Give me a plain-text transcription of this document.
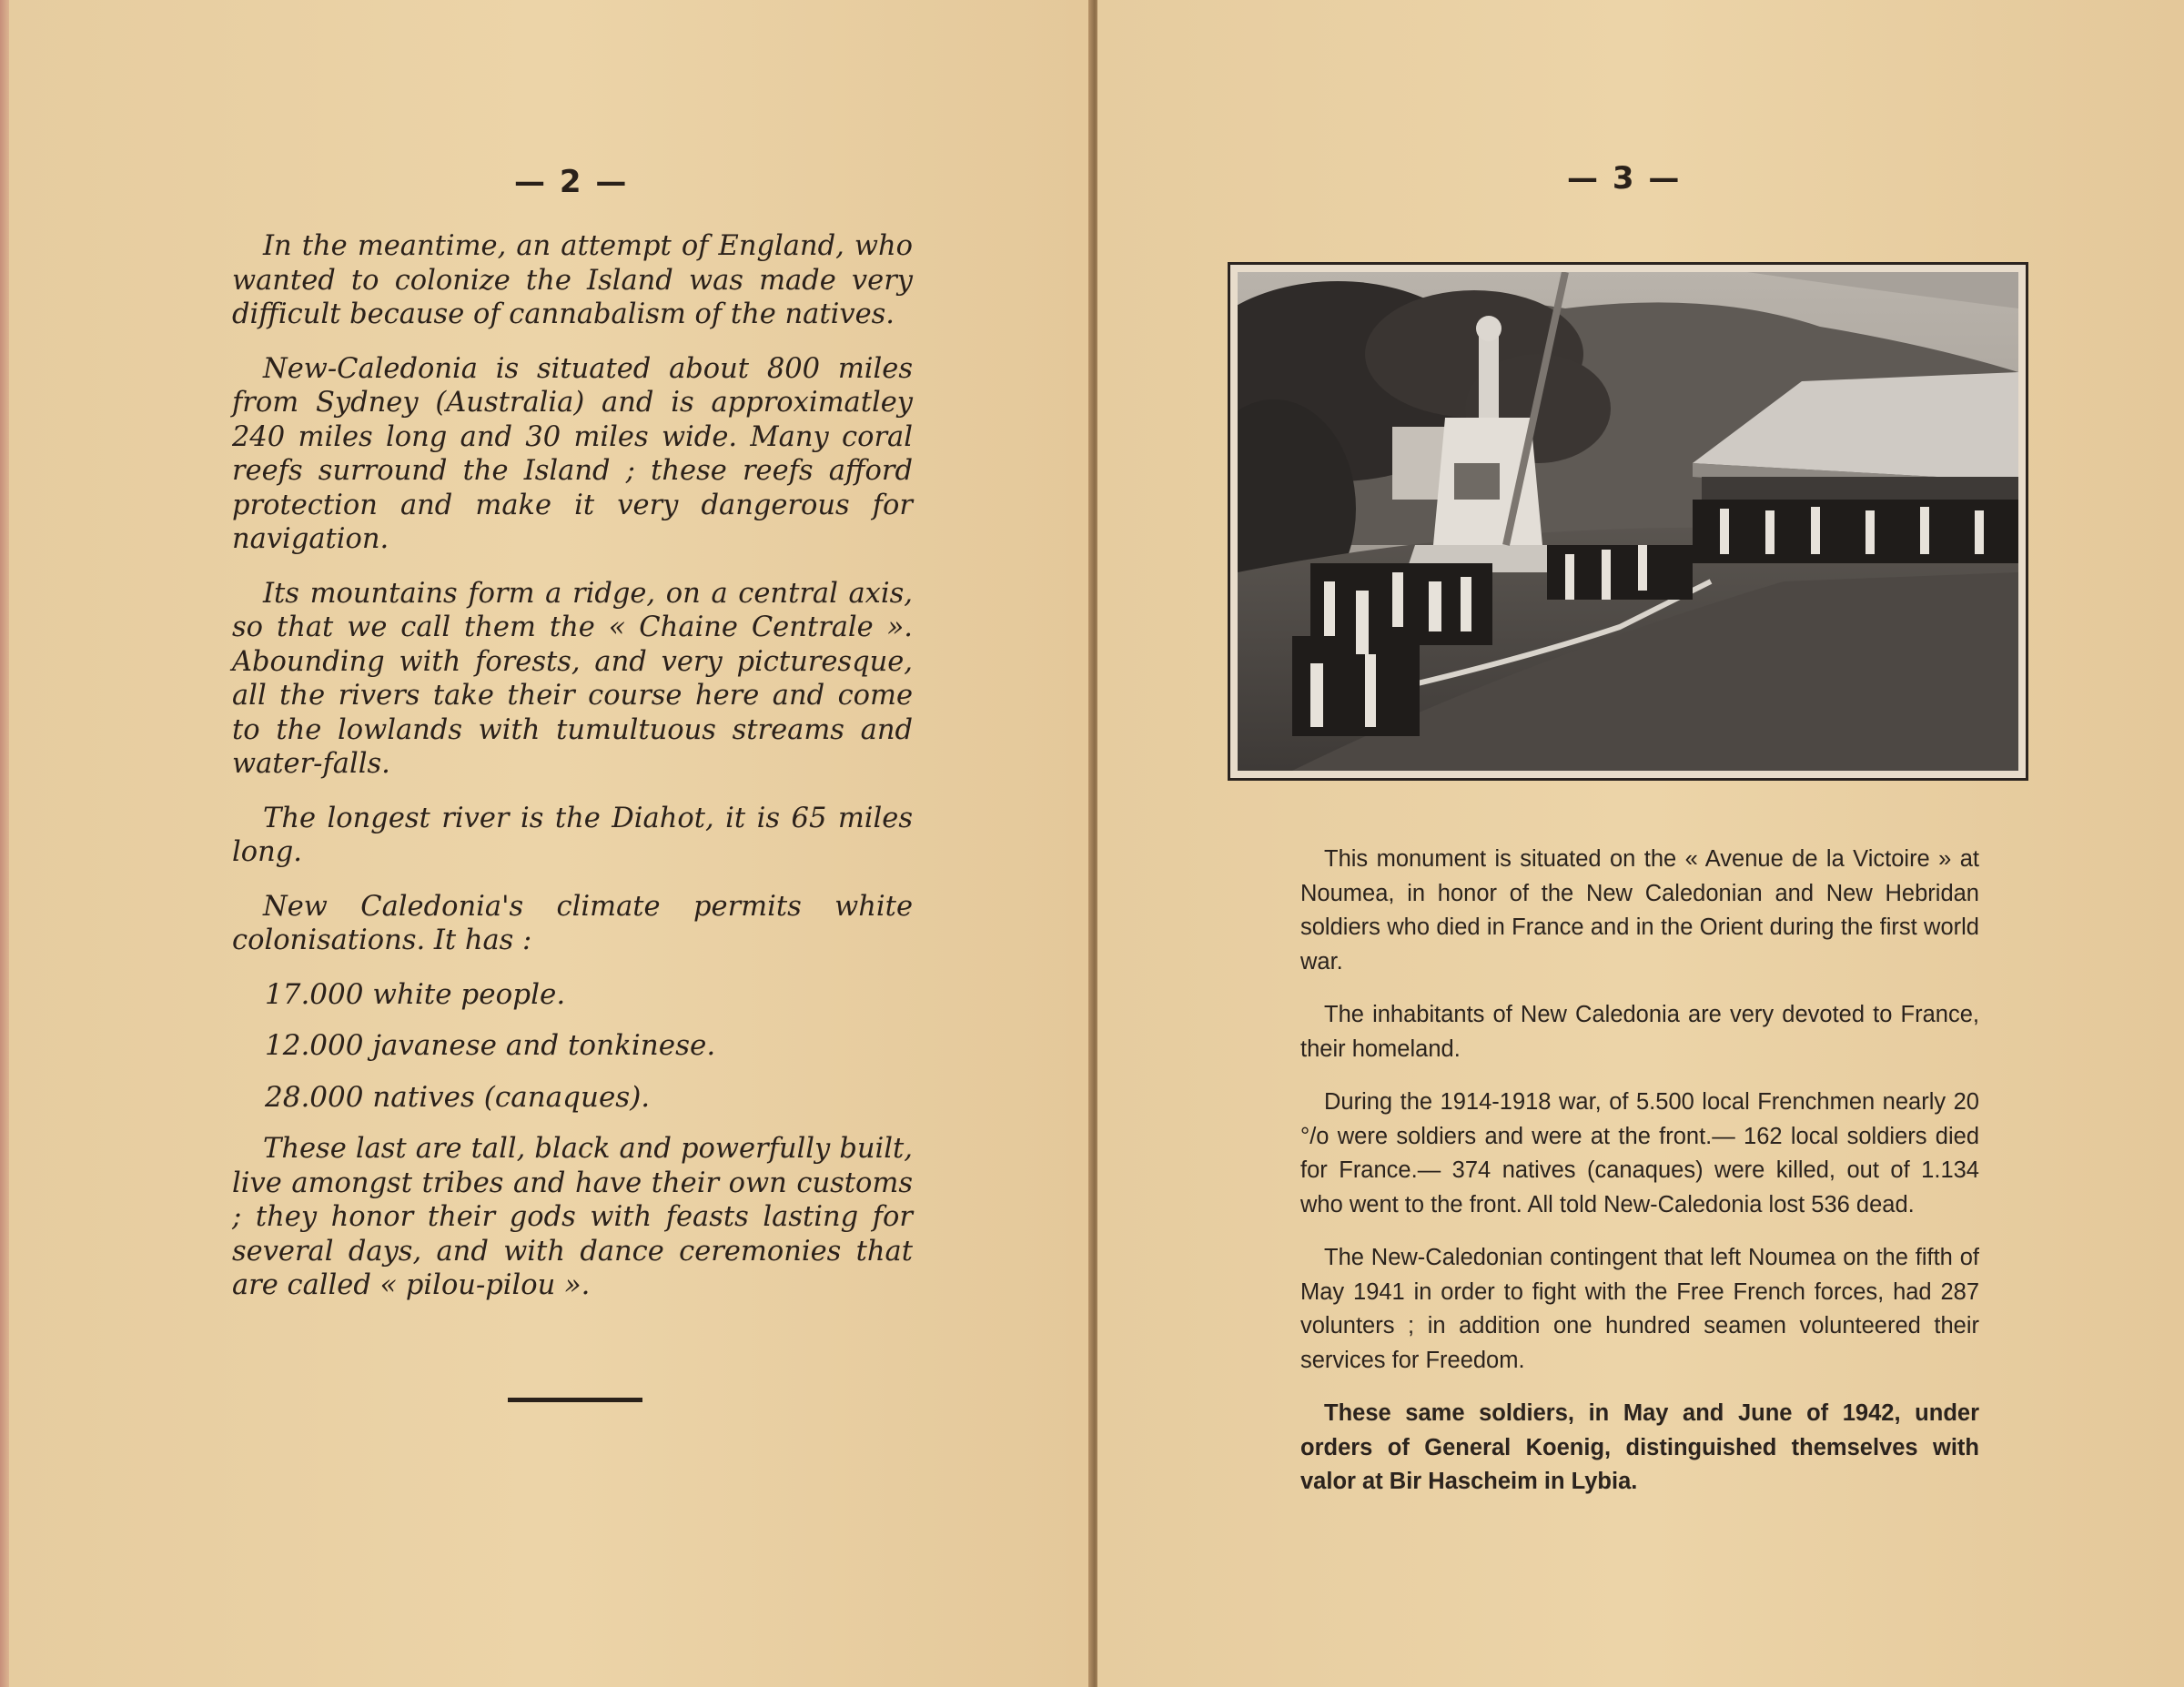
— 2 —

In the meantime, an attempt of England, who wanted to colonize the Island was made very difficult because of cannabalism of the natives.

New-Caledonia is situated about 800 miles from Sydney (Australia) and is approximatley 240 miles long and 30 miles wide. Many coral reefs surround the Island ; these reefs afford protection and make it very dangerous for navigation.

Its mountains form a ridge, on a central axis, so that we call them the « Chaine Centrale ». Abounding with forests, and very picturesque, all the rivers take their course here and come to the lowlands with tumultuous streams and water-falls.

The longest river is the Diahot, it is 65 miles long.

New Caledonia's climate permits white colonisations. It has :

17.000 white people.

12.000 javanese and tonkinese.

28.000 natives (canaques).

These last are tall, black and powerfully built, live amongst tribes and have their own customs ; they honor their gods with feasts lasting for several days, and with dance ceremonies that are called « pilou-pilou ».

— 3 —

This monument is situated on the « Avenue de la Victoire » at Noumea, in honor of the New Caledonian and New Hebridan soldiers who died in France and in the Orient during the first world war.

The inhabitants of New Caledonia are very devoted to France, their homeland.

During the 1914-1918 war, of 5.500 local Frenchmen nearly 20 °/o were soldiers and were at the front.— 162 local soldiers died for France.— 374 natives (canaques) were killed, out of 1.134 who went to the front. All told New-Caledonia lost 536 dead.

The New-Caledonian contingent that left Noumea on the fifth of May 1941 in order to fight with the Free French forces, had 287 volunters ; in addition one hundred seamen volunteered their services for Freedom.

These same soldiers, in May and June of 1942, under orders of General Koenig, distinguished themselves with valor at Bir Hascheim in Lybia.
